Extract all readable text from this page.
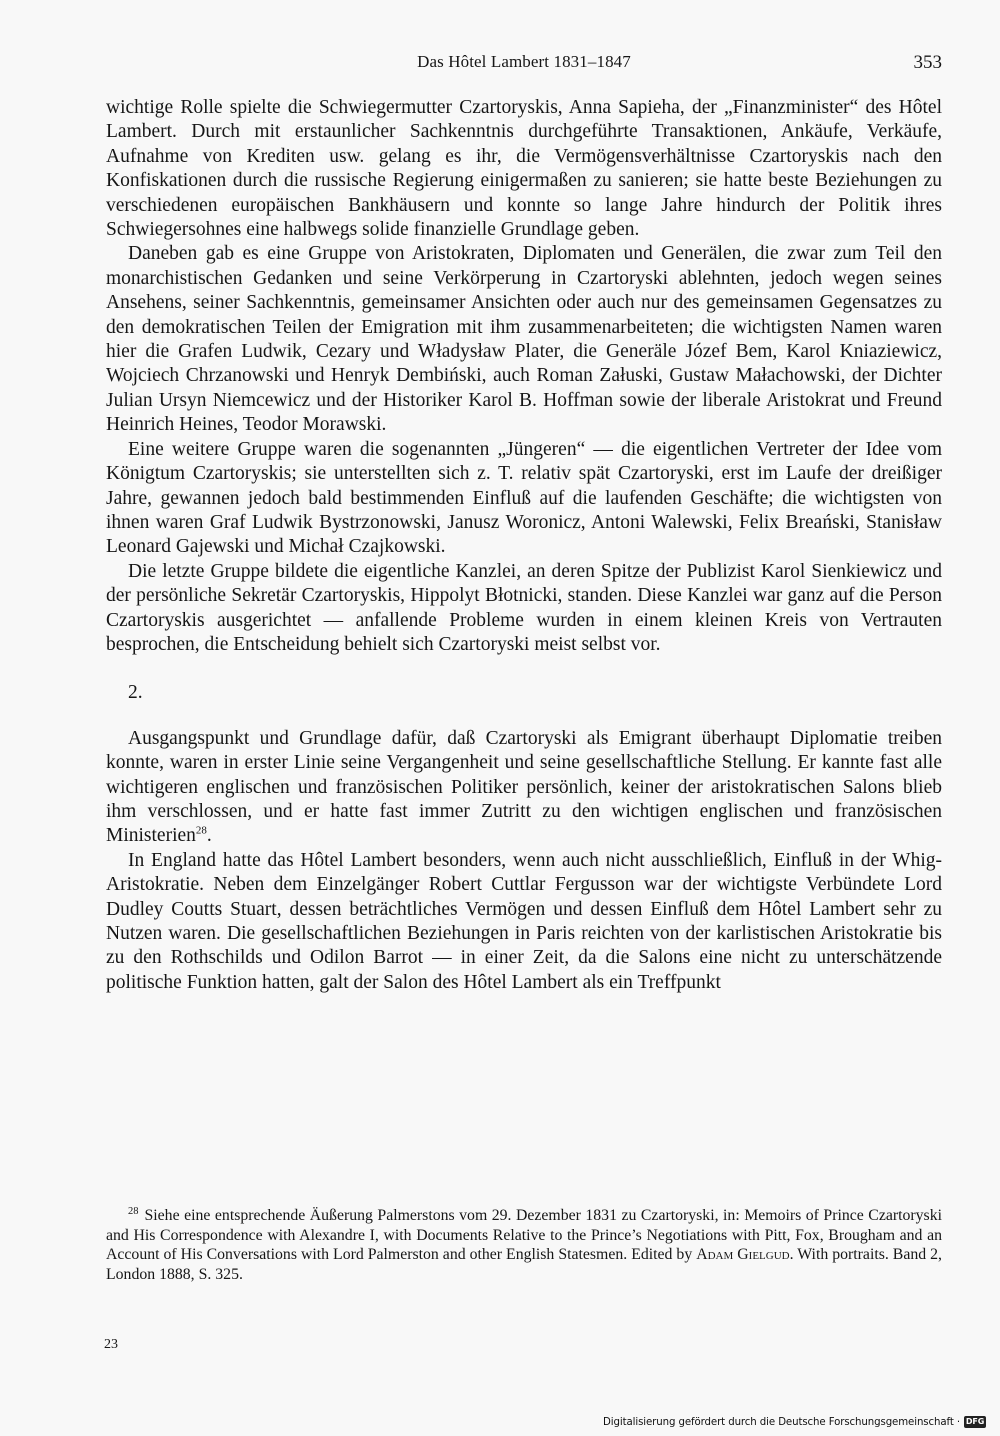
Das Hôtel Lambert 1831–1847	353

wichtige Rolle spielte die Schwiegermutter Czartoryskis, Anna Sapieha, der „Finanzminister“ des Hôtel Lambert. Durch mit erstaunlicher Sachkenntnis durchgeführte Transaktionen, Ankäufe, Verkäufe, Aufnahme von Krediten usw. gelang es ihr, die Vermögensverhältnisse Czartoryskis nach den Konfiskationen durch die russische Regierung einigermaßen zu sanieren; sie hatte beste Beziehungen zu verschiedenen europäischen Bankhäusern und konnte so lange Jahre hindurch der Politik ihres Schwiegersohnes eine halbwegs solide finanzielle Grundlage geben.

Daneben gab es eine Gruppe von Aristokraten, Diplomaten und Generälen, die zwar zum Teil den monarchistischen Gedanken und seine Verkörperung in Czartoryski ablehnten, jedoch wegen seines Ansehens, seiner Sachkenntnis, gemeinsamer Ansichten oder auch nur des gemeinsamen Gegensatzes zu den demokratischen Teilen der Emigration mit ihm zusammenarbeiteten; die wichtigsten Namen waren hier die Grafen Ludwik, Cezary und Władysław Plater, die Generäle Józef Bem, Karol Kniaziewicz, Wojciech Chrzanowski und Henryk Dembiński, auch Roman Załuski, Gustaw Małachowski, der Dichter Julian Ursyn Niemcewicz und der Historiker Karol B. Hoffman sowie der liberale Aristokrat und Freund Heinrich Heines, Teodor Morawski.

Eine weitere Gruppe waren die sogenannten „Jüngeren“ — die eigentlichen Vertreter der Idee vom Königtum Czartoryskis; sie unterstellten sich z. T. relativ spät Czartoryski, erst im Laufe der dreißiger Jahre, gewannen jedoch bald bestimmenden Einfluß auf die laufenden Geschäfte; die wichtigsten von ihnen waren Graf Ludwik Bystrzonowski, Janusz Woronicz, Antoni Walewski, Felix Breański, Stanisław Leonard Gajewski und Michał Czajkowski.

Die letzte Gruppe bildete die eigentliche Kanzlei, an deren Spitze der Publizist Karol Sienkiewicz und der persönliche Sekretär Czartoryskis, Hippolyt Błotnicki, standen. Diese Kanzlei war ganz auf die Person Czartoryskis ausgerichtet — anfallende Probleme wurden in einem kleinen Kreis von Vertrauten besprochen, die Entscheidung behielt sich Czartoryski meist selbst vor.

2.

Ausgangspunkt und Grundlage dafür, daß Czartoryski als Emigrant überhaupt Diplomatie treiben konnte, waren in erster Linie seine Vergangenheit und seine gesellschaftliche Stellung. Er kannte fast alle wichtigeren englischen und französischen Politiker persönlich, keiner der aristokratischen Salons blieb ihm verschlossen, und er hatte fast immer Zutritt zu den wichtigen englischen und französischen Ministerien$^{28}$.

In England hatte das Hôtel Lambert besonders, wenn auch nicht ausschließlich, Einfluß in der Whig-Aristokratie. Neben dem Einzelgänger Robert Cuttlar Fergusson war der wichtigste Verbündete Lord Dudley Coutts Stuart, dessen beträchtliches Vermögen und dessen Einfluß dem Hôtel Lambert sehr zu Nutzen waren. Die gesellschaftlichen Beziehungen in Paris reichten von der karlistischen Aristokratie bis zu den Rothschilds und Odilon Barrot — in einer Zeit, da die Salons eine nicht zu unterschätzende politische Funktion hatten, galt der Salon des Hôtel Lambert als ein Treffpunkt

$^{28}$ Siehe eine entsprechende Äußerung Palmerstons vom 29. Dezember 1831 zu Czartoryski, in: Memoirs of Prince Czartoryski and His Correspondence with Alexandre I, with Documents Relative to the Prince’s Negotiations with Pitt, Fox, Brougham and an Account of His Conversations with Lord Palmerston and other English Statesmen. Edited by Adam Gielgud. With portraits. Band 2, London 1888, S. 325.

23
Digitalisierung gefördert durch die Deutsche Forschungsgemeinschaft · DFG
